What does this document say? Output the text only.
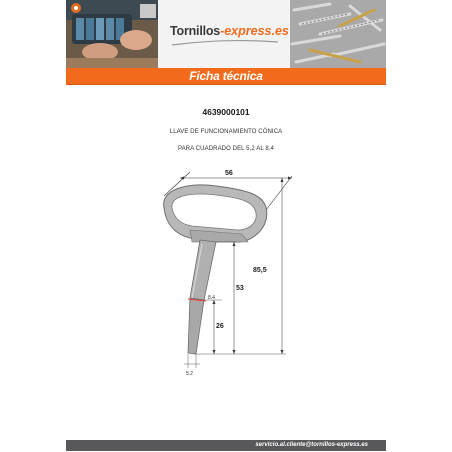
Tornillos-express.es
Ficha técnica
4639000101
LLAVE DE FUNCIONAMIENTO CÓNICA
PARA CUADRADO DEL 5,2 AL 8,4
56
8.4
53
26
85,5
5.2
servicio.al.cliente@tornillos-express.es
